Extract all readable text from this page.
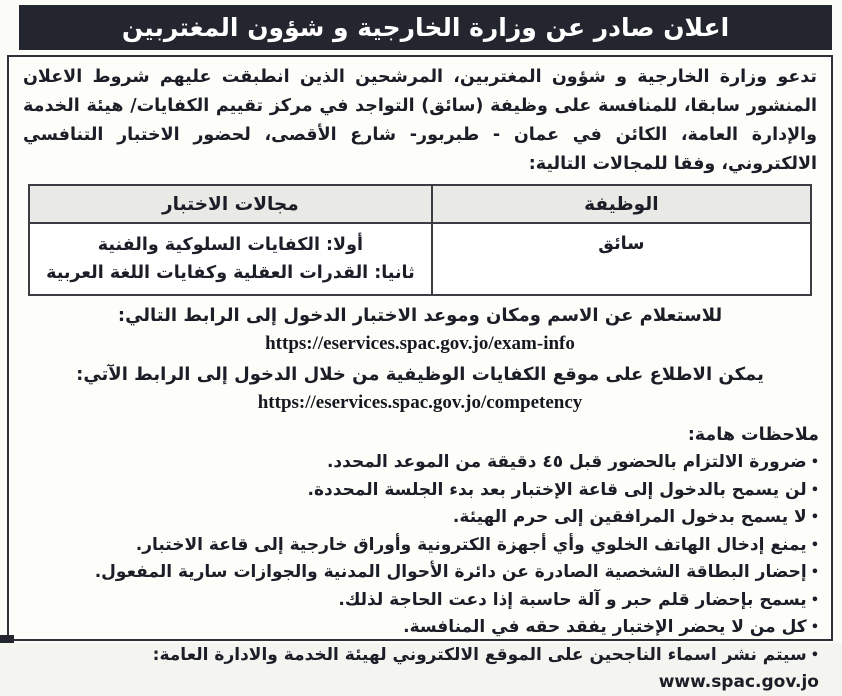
اعلان صادر عن وزارة الخارجية و شؤون المغتربين

تدعو وزارة الخارجية و شؤون المغتربين، المرشحين الذين انطبقت عليهم شروط الاعلان المنشور سابقا، للمنافسة على وظيفة (سائق) التواجد في مركز تقييم الكفايات/ هيئة الخدمة والإدارة العامة، الكائن في عمان - طبربور- شارع الأقصى، لحضور الاختبار التنافسي الالكتروني، وفقا للمجالات التالية:

الوظيفة	مجالات الاختبار
سائق	أولا: الكفايات السلوكية والفنية
ثانيا: القدرات العقلية وكفايات اللغة العربية
للاستعلام عن الاسم ومكان وموعد الاختبار الدخول إلى الرابط التالي:
https://eservices.spac.gov.jo/exam-info
يمكن الاطلاع على موقع الكفايات الوظيفية من خلال الدخول إلى الرابط الآتي:
https://eservices.spac.gov.jo/competency
ملاحظات هامة:
•ضرورة الالتزام بالحضور قبل ٤٥ دقيقة من الموعد المحدد.
•لن يسمح بالدخول إلى قاعة الإختبار بعد بدء الجلسة المحددة.
•لا يسمح بدخول المرافقين إلى حرم الهيئة.
•يمنع إدخال الهاتف الخلوي وأي أجهزة الكترونية وأوراق خارجية إلى قاعة الاختبار.
•إحضار البطاقة الشخصية الصادرة عن دائرة الأحوال المدنية والجوازات سارية المفعول.
•يسمح بإحضار قلم حبر و آلة حاسبة إذا دعت الحاجة لذلك.
•كل من لا يحضر الإختبار يفقد حقه في المنافسة.
•سيتم نشر اسماء الناجحين على الموقع الالكتروني لهيئة الخدمة والادارة العامة: www.spac.gov.jo
